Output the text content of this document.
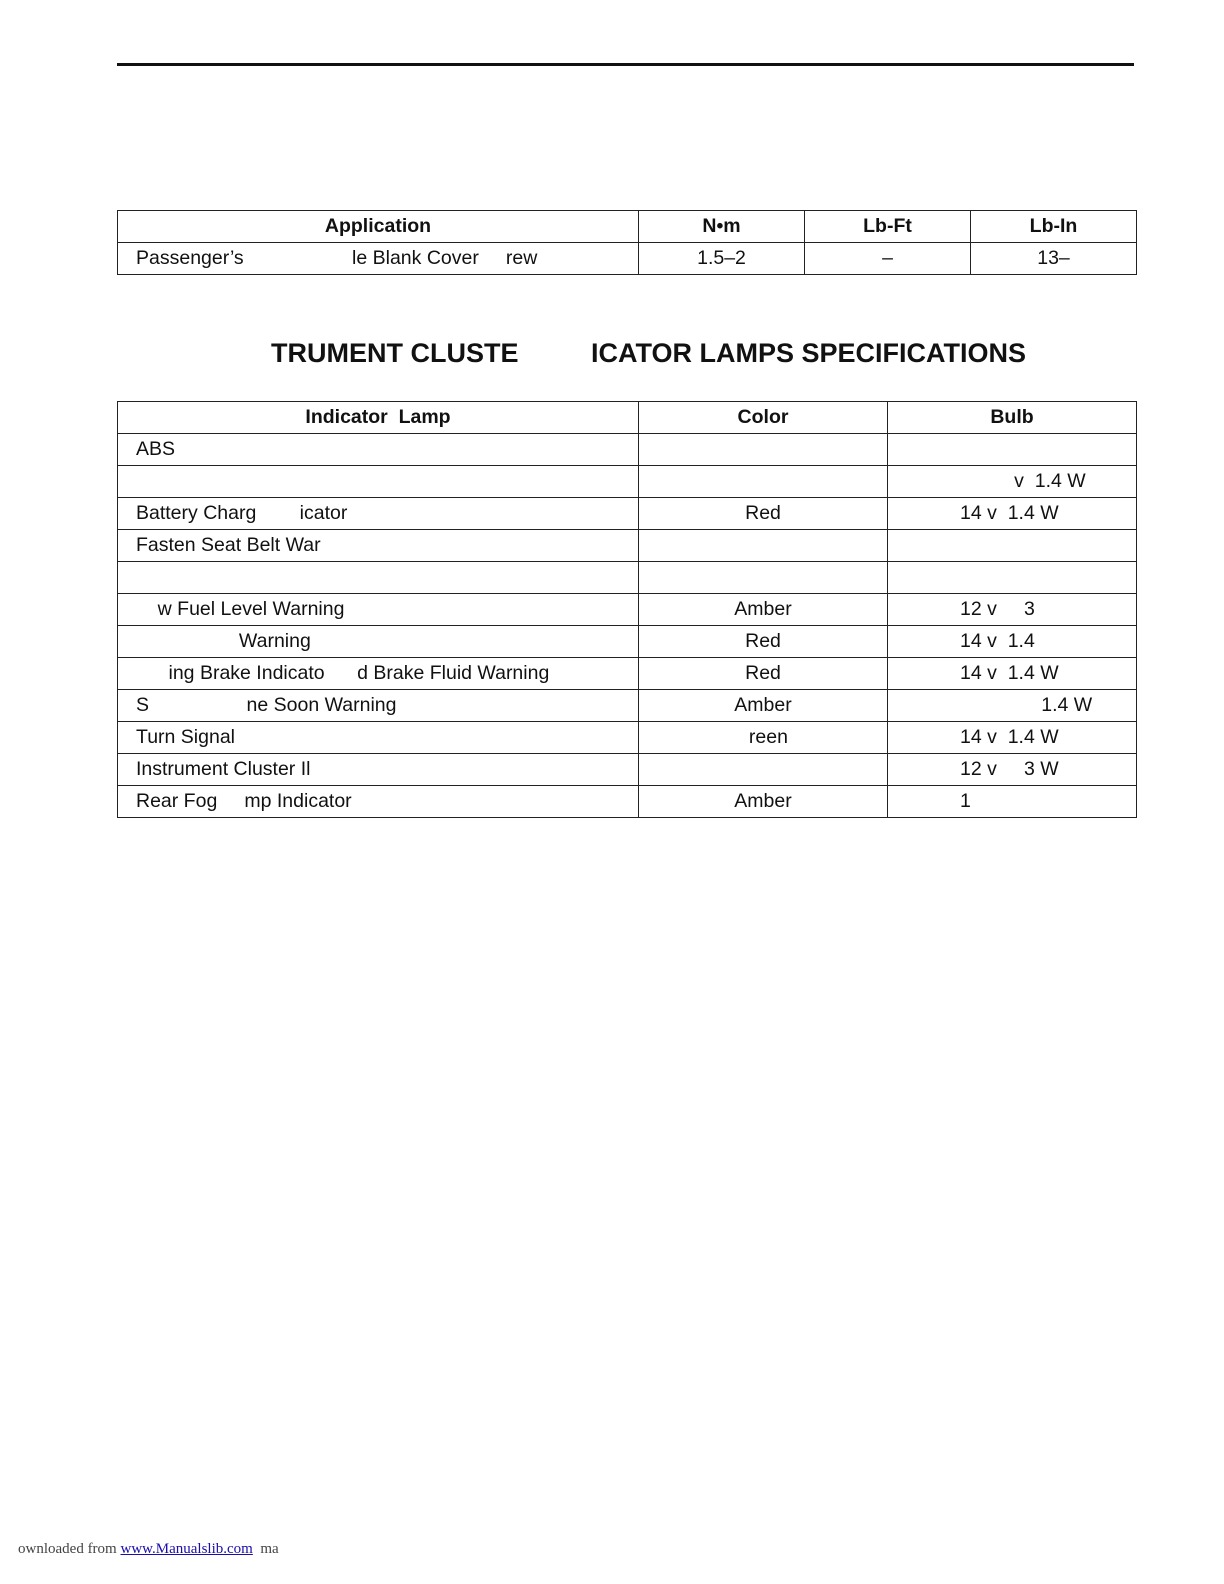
Application	N•m	Lb-Ft	Lb-In
Passenger’s                    le Blank Cover     rew	1.5–2	–	13–

TRUMENT CLUSTE

	ICATOR LAMPS SPECIFICATIONS

Indicator  Lamp	Color	Bulb
ABS		
		v  1.4 W
Battery Charg        icator	Red	14 v  1.4 W
Fasten Seat Belt War		

w Fuel Level Warning	Amber	12 v     3
Warning	Red	14 v  1.4
ing Brake Indicato      d Brake Fluid Warning	Red	14 v  1.4 W
S                  ne Soon Warning	Amber	1.4 W
Turn Signal	reen	14 v  1.4 W
Instrument Cluster Il		12 v     3 W
Rear Fog     mp Indicator	Amber	1
ownloaded from www.Manualslib.com  ma
